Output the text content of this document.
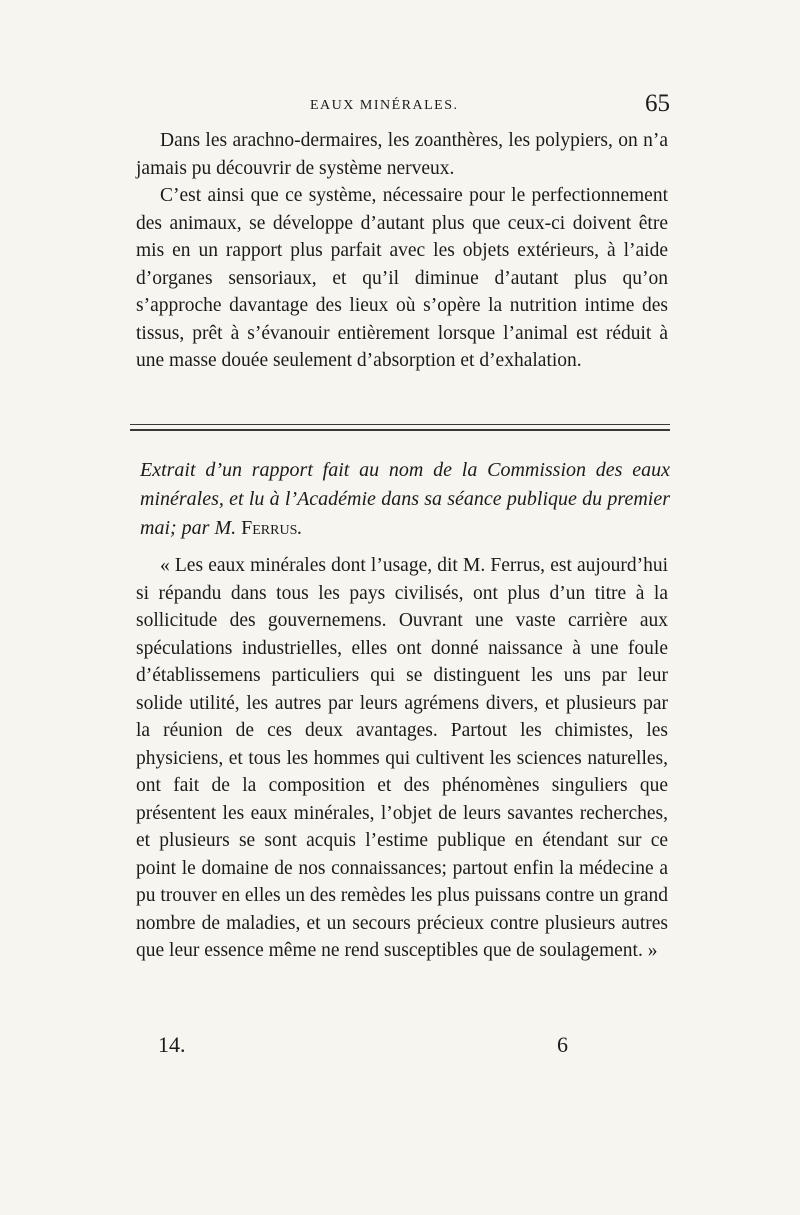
EAUX MINÉRALES.	65

Dans les arachno-dermaires, les zoanthères, les polypiers, on n’a jamais pu découvrir de système nerveux.

C’est ainsi que ce système, nécessaire pour le perfectionnement des animaux, se développe d’autant plus que ceux-ci doivent être mis en un rapport plus parfait avec les objets extérieurs, à l’aide d’organes sensoriaux, et qu’il diminue d’autant plus qu’on s’approche davantage des lieux où s’opère la nutrition intime des tissus, prêt à s’évanouir entièrement lorsque l’animal est réduit à une masse douée seulement d’absorption et d’exhalation.

Extrait d’un rapport fait au nom de la Commission des eaux minérales, et lu à l’Académie dans sa séance publique du premier mai; par M. Ferrus.

« Les eaux minérales dont l’usage, dit M. Ferrus, est aujourd’hui si répandu dans tous les pays civilisés, ont plus d’un titre à la sollicitude des gouvernemens. Ouvrant une vaste carrière aux spéculations industrielles, elles ont donné naissance à une foule d’établissemens particuliers qui se distinguent les uns par leur solide utilité, les autres par leurs agrémens divers, et plusieurs par la réunion de ces deux avantages. Partout les chimistes, les physiciens, et tous les hommes qui cultivent les sciences naturelles, ont fait de la composition et des phénomènes singuliers que présentent les eaux minérales, l’objet de leurs savantes recherches, et plusieurs se sont acquis l’estime publique en étendant sur ce point le domaine de nos connaissances; partout enfin la médecine a pu trouver en elles un des remèdes les plus puissans contre un grand nombre de maladies, et un secours précieux contre plusieurs autres que leur essence même ne rend susceptibles que de soulagement. »

14.	6
